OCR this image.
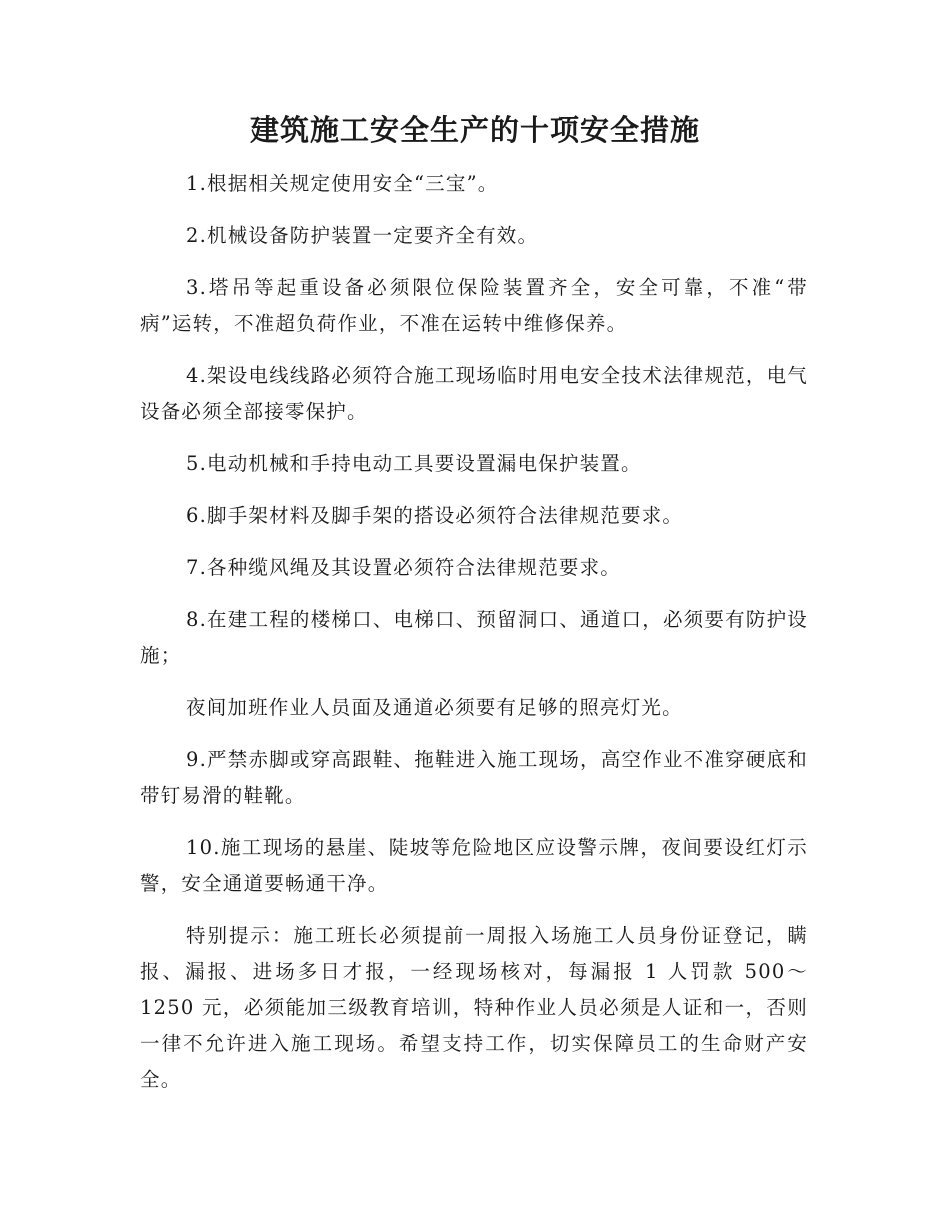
建筑施工安全生产的十项安全措施

1.根据相关规定使用安全“三宝”。

2.机械设备防护装置一定要齐全有效。

3.塔吊等起重设备必须限位保险装置齐全，安全可靠，不准“带病”运转，不准超负荷作业，不准在运转中维修保养。

4.架设电线线路必须符合施工现场临时用电安全技术法律规范，电气设备必须全部接零保护。

5.电动机械和手持电动工具要设置漏电保护装置。

6.脚手架材料及脚手架的搭设必须符合法律规范要求。

7.各种缆风绳及其设置必须符合法律规范要求。

8.在建工程的楼梯口、电梯口、预留洞口、通道口，必须要有防护设施；

夜间加班作业人员面及通道必须要有足够的照亮灯光。

9.严禁赤脚或穿高跟鞋、拖鞋进入施工现场，高空作业不准穿硬底和带钉易滑的鞋靴。

10.施工现场的悬崖、陡坡等危险地区应设警示牌，夜间要设红灯示警，安全通道要畅通干净。

特别提示：施工班长必须提前一周报入场施工人员身份证登记，瞒报、漏报、进场多日才报，一经现场核对，每漏报 1 人罚款 500～1250 元，必须能加三级教育培训，特种作业人员必须是人证和一，否则一律不允许进入施工现场。希望支持工作，切实保障员工的生命财产安全。
